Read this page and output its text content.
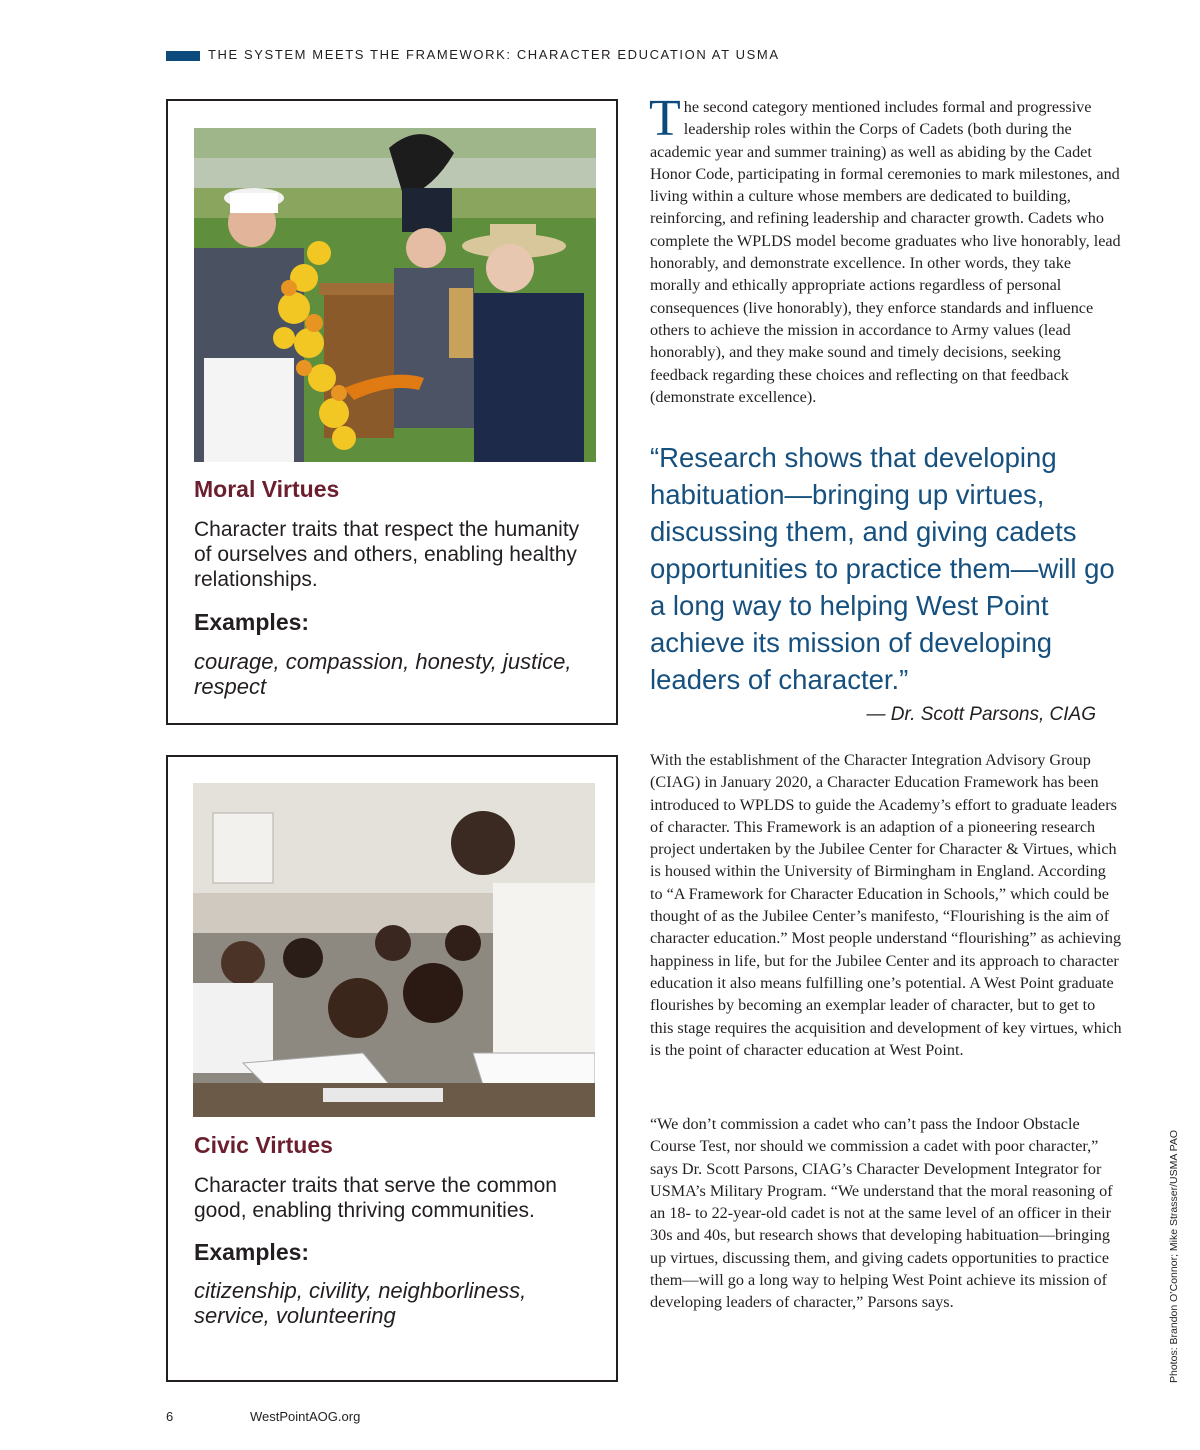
THE SYSTEM MEETS THE FRAMEWORK: CHARACTER EDUCATION AT USMA
Moral Virtues
Character traits that respect the humanity of ourselves and others, enabling healthy relationships.
Examples:
courage, compassion, honesty, justice, respect
Civic Virtues
Character traits that serve the common good, enabling thriving communities.
Examples:
citizenship, civility, neighborliness, service, volunteering
The second category mentioned includes formal and progressive leadership roles within the Corps of Cadets (both during the academic year and summer training) as well as abiding by the Cadet Honor Code, participating in formal ceremonies to mark milestones, and living within a culture whose members are dedicated to building, reinforcing, and refining leadership and character growth. Cadets who complete the WPLDS model become graduates who live honorably, lead honorably, and demonstrate excellence. In other words, they take morally and ethically appropriate actions regardless of personal consequences (live honorably), they enforce standards and influence others to achieve the mission in accordance to Army values (lead honorably), and they make sound and timely decisions, seeking feedback regarding these choices and reflecting on that feedback (demonstrate excellence).
“Research shows that developing habituation—bringing up virtues, discussing them, and giving cadets opportunities to practice them—will go a long way to helping West Point achieve its mission of developing leaders of character.”
— Dr. Scott Parsons, CIAG
With the establishment of the Character Integration Advisory Group (CIAG) in January 2020, a Character Education Framework has been introduced to WPLDS to guide the Academy’s effort to graduate leaders of character. This Framework is an adaption of a pioneering research project undertaken by the Jubilee Center for Character & Virtues, which is housed within the University of Birmingham in England. According to “A Framework for Character Education in Schools,” which could be thought of as the Jubilee Center’s manifesto, “Flourishing is the aim of character education.” Most people understand “flourishing” as achieving happiness in life, but for the Jubilee Center and its approach to character education it also means fulfilling one’s potential. A West Point graduate flourishes by becoming an exemplar leader of character, but to get to this stage requires the acquisition and development of key virtues, which is the point of character education at West Point.
“We don’t commission a cadet who can’t pass the Indoor Obstacle Course Test, nor should we commission a cadet with poor character,” says Dr. Scott Parsons, CIAG’s Character Development Integrator for USMA’s Military Program. “We understand that the moral reasoning of an 18- to 22-year-old cadet is not at the same level of an officer in their 30s and 40s, but research shows that developing habituation—bringing up virtues, discussing them, and giving cadets opportunities to practice them—will go a long way to helping West Point achieve its mission of developing leaders of character,” Parsons says.
6	WestPointAOG.org
Photos: Brandon O’Connor; Mike Strasser/USMA PAO
